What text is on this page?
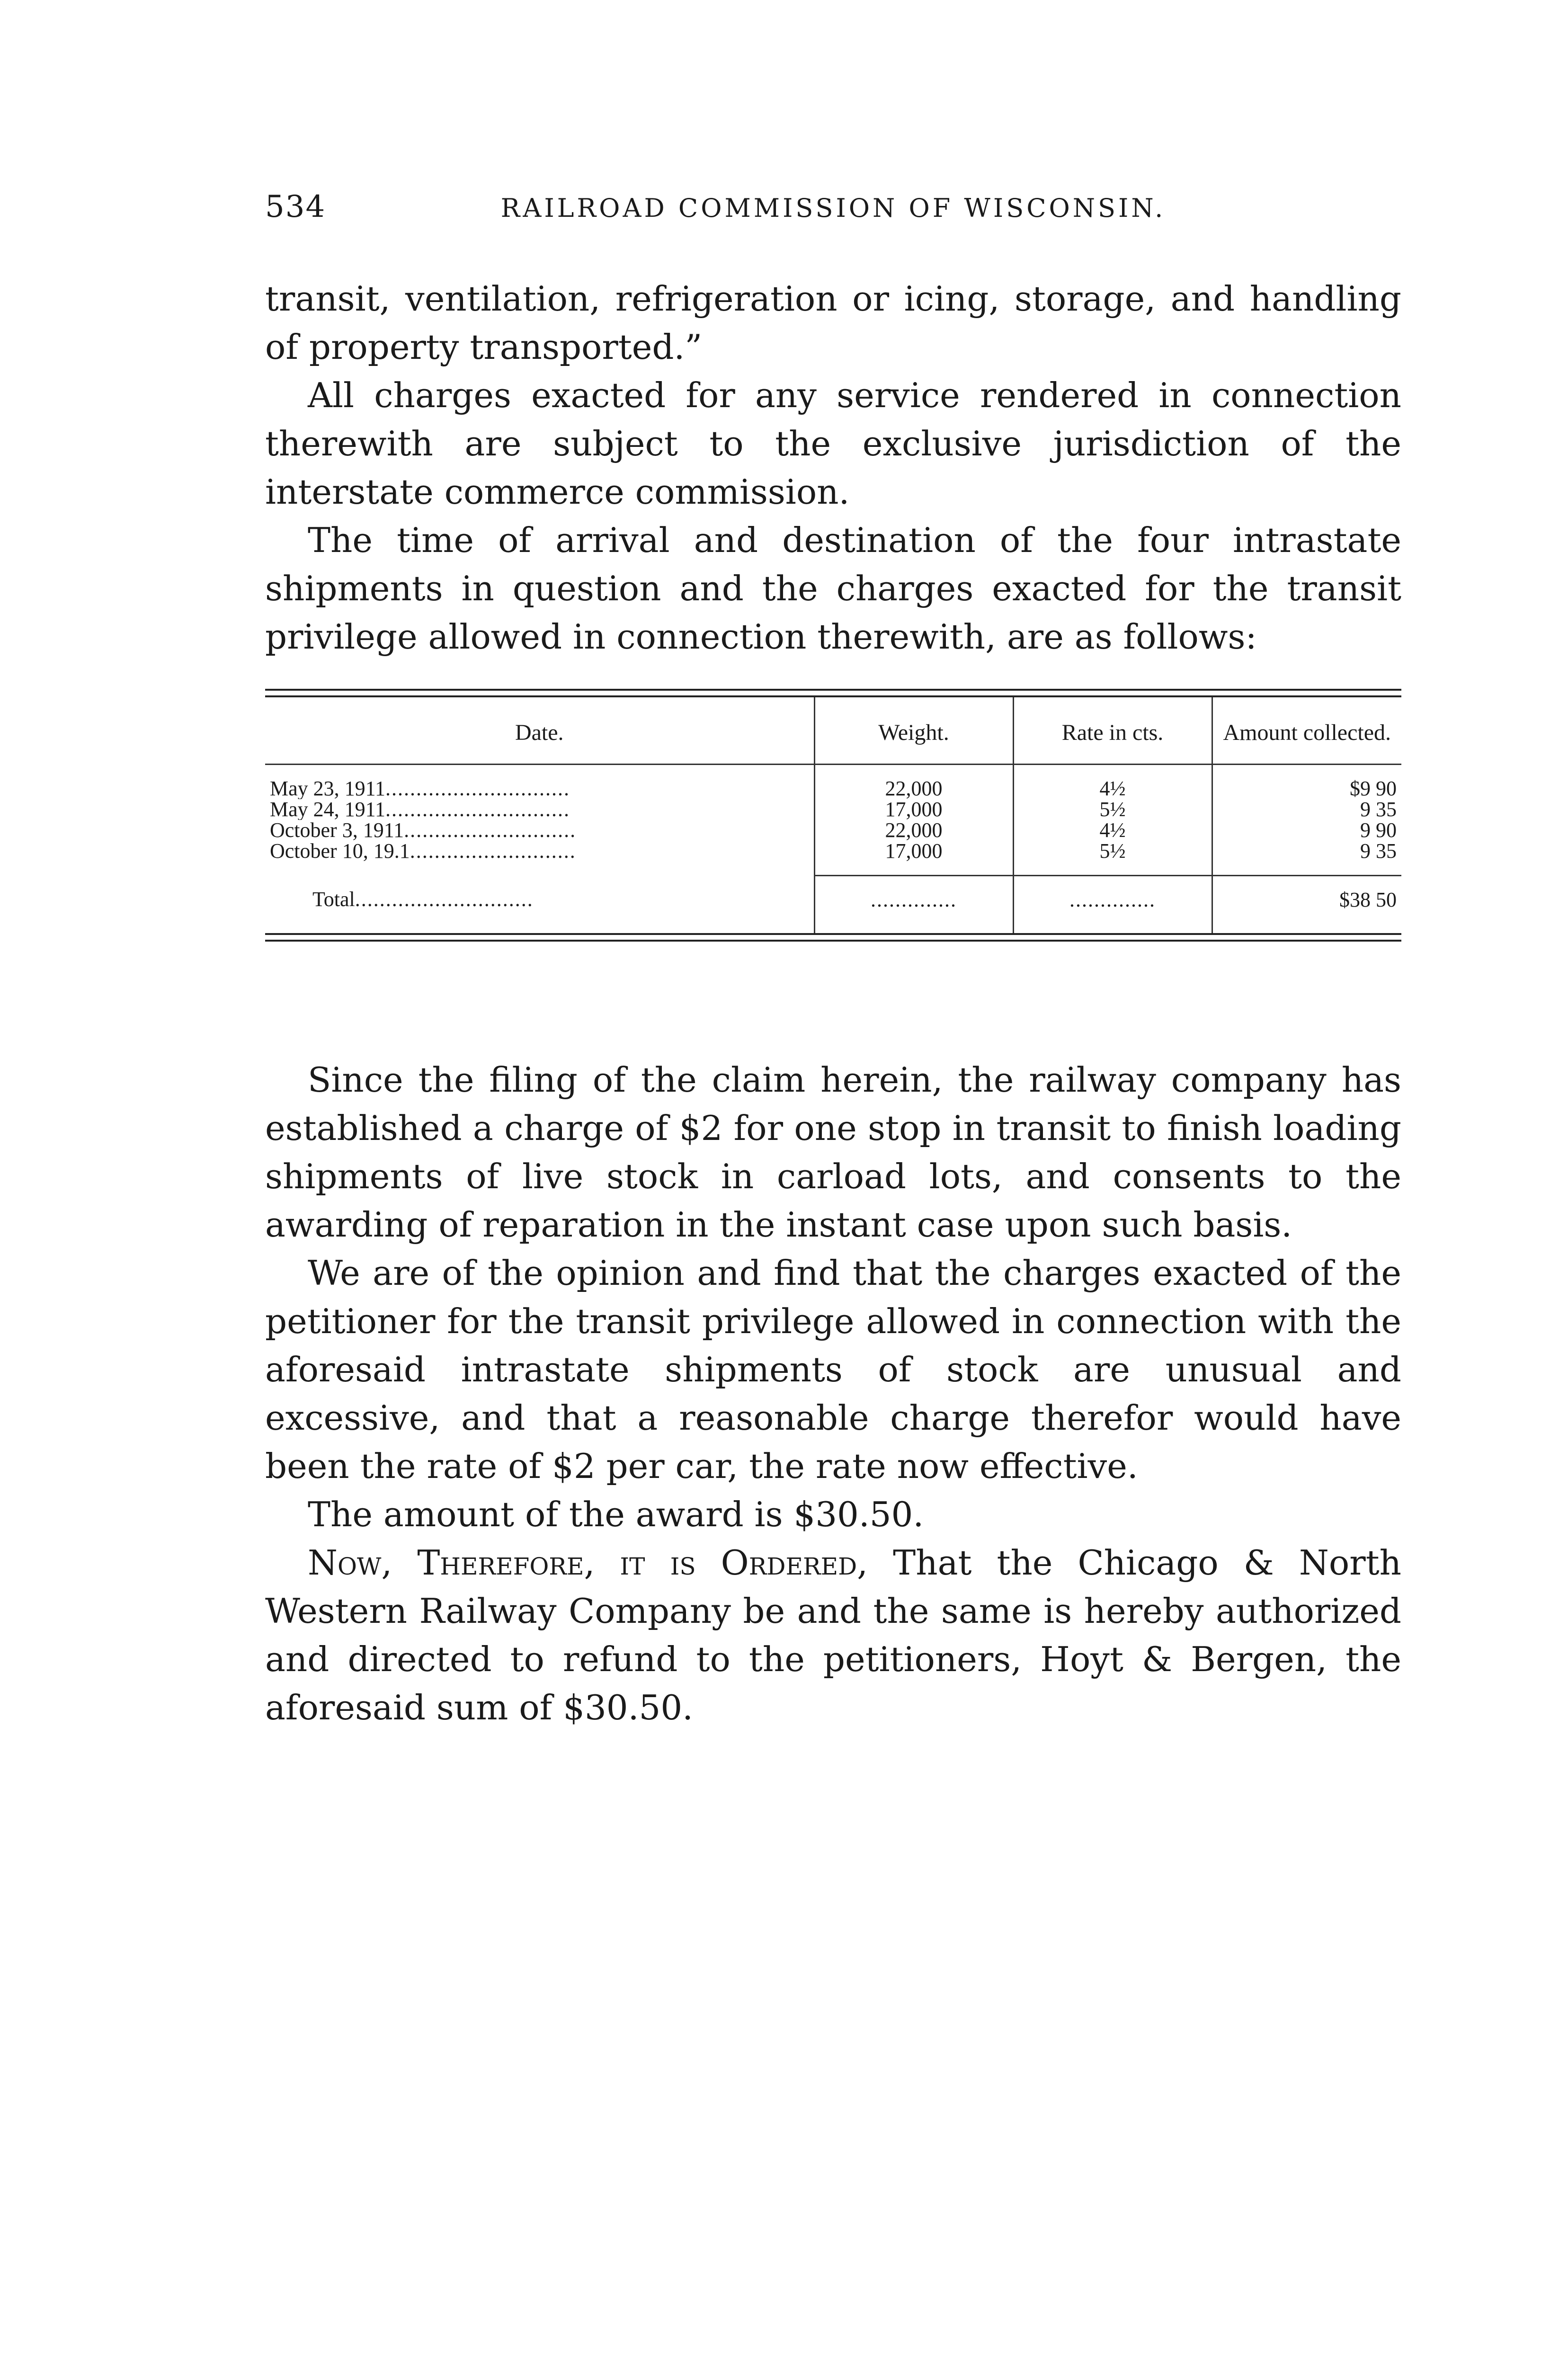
534	RAILROAD COMMISSION OF WISCONSIN.

transit, ventilation, refrigeration or icing, storage, and handling of property transported.”

All charges exacted for any service rendered in connection therewith are subject to the exclusive jurisdiction of the interstate commerce commission.

The time of arrival and destination of the four intrastate shipments in question and the charges exacted for the transit privilege allowed in connection therewith, are as follows:

Date.	Weight.	Rate in cts.	Amount collected.
May 23, 1911..............................	22,000	4½	$9 90
May 24, 1911..............................	17,000	5½	9 35
October 3, 1911............................	22,000	4½	9 90
October 10, 19.1...........................	17,000	5½	9 35
Total.............................	..............	..............	$38 50

Since the filing of the claim herein, the railway company has established a charge of $2 for one stop in transit to finish loading shipments of live stock in carload lots, and consents to the awarding of reparation in the instant case upon such basis.

We are of the opinion and find that the charges exacted of the petitioner for the transit privilege allowed in connection with the aforesaid intrastate shipments of stock are unusual and excessive, and that a reasonable charge therefor would have been the rate of $2 per car, the rate now effective.

The amount of the award is $30.50.

Now, Therefore, it is Ordered, That the Chicago & North Western Railway Company be and the same is hereby authorized and directed to refund to the petitioners, Hoyt & Bergen, the aforesaid sum of $30.50.
